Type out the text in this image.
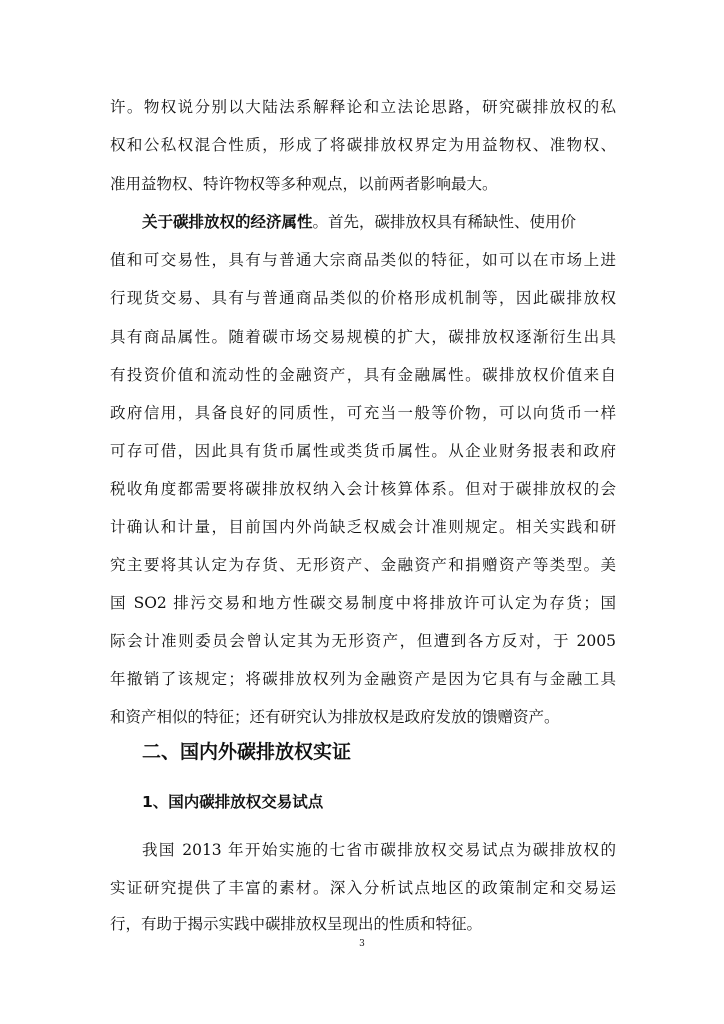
许。物权说分别以大陆法系解释论和立法论思路，研究碳排放权的私
权和公私权混合性质，形成了将碳排放权界定为用益物权、准物权、
准用益物权、特许物权等多种观点，以前两者影响最大。
关于碳排放权的经济属性。首先，碳排放权具有稀缺性、使用价
值和可交易性，具有与普通大宗商品类似的特征，如可以在市场上进
行现货交易、具有与普通商品类似的价格形成机制等，因此碳排放权
具有商品属性。随着碳市场交易规模的扩大，碳排放权逐渐衍生出具
有投资价值和流动性的金融资产，具有金融属性。碳排放权价值来自
政府信用，具备良好的同质性，可充当一般等价物，可以向货币一样
可存可借，因此具有货币属性或类货币属性。从企业财务报表和政府
税收角度都需要将碳排放权纳入会计核算体系。但对于碳排放权的会
计确认和计量，目前国内外尚缺乏权威会计准则规定。相关实践和研
究主要将其认定为存货、无形资产、金融资产和捐赠资产等类型。美
国 SO2 排污交易和地方性碳交易制度中将排放许可认定为存货；国
际会计准则委员会曾认定其为无形资产，但遭到各方反对，于 2005
年撤销了该规定；将碳排放权列为金融资产是因为它具有与金融工具
和资产相似的特征；还有研究认为排放权是政府发放的馈赠资产。
二、国内外碳排放权实证
1、国内碳排放权交易试点
我国 2013 年开始实施的七省市碳排放权交易试点为碳排放权的
实证研究提供了丰富的素材。深入分析试点地区的政策制定和交易运
行，有助于揭示实践中碳排放权呈现出的性质和特征。
3
